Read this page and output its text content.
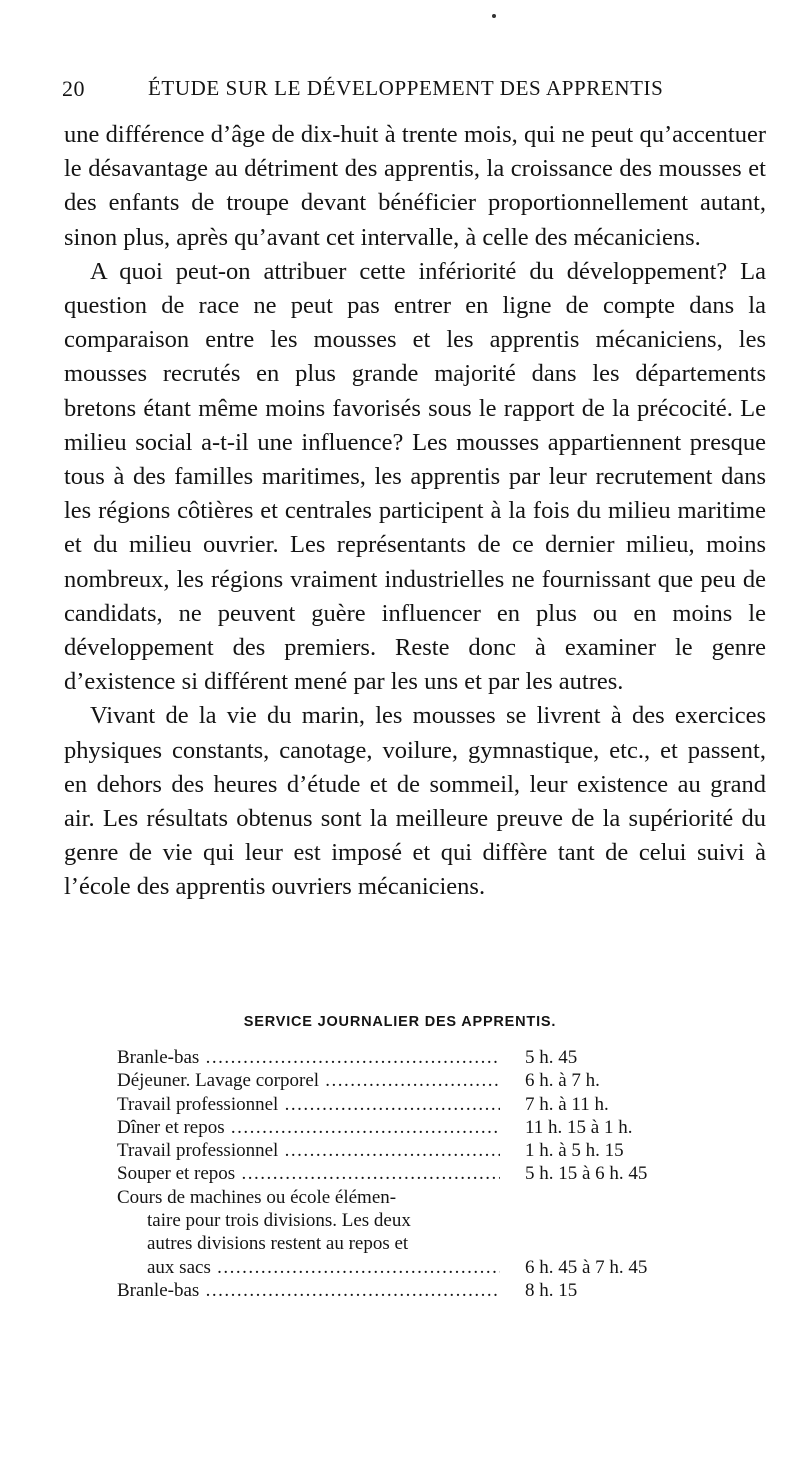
20	ÉTUDE SUR LE DÉVELOPPEMENT DES APPRENTIS

une différence d’âge de dix-huit à trente mois, qui ne peut qu’accentuer le désavantage au détriment des apprentis, la croissance des mousses et des enfants de troupe devant bénéficier proportionnellement autant, sinon plus, après qu’avant cet intervalle, à celle des mécaniciens.

A quoi peut-on attribuer cette infériorité du développement? La question de race ne peut pas entrer en ligne de compte dans la comparaison entre les mousses et les apprentis mécaniciens, les mousses recrutés en plus grande majorité dans les départements bretons étant même moins favorisés sous le rapport de la précocité. Le milieu social a-t-il une influence? Les mousses appartiennent presque tous à des familles maritimes, les apprentis par leur recrutement dans les régions côtières et centrales participent à la fois du milieu maritime et du milieu ouvrier. Les représentants de ce dernier milieu, moins nombreux, les régions vraiment industrielles ne fournissant que peu de candidats, ne peuvent guère influencer en plus ou en moins le développement des premiers. Reste donc à examiner le genre d’existence si différent mené par les uns et par les autres.

Vivant de la vie du marin, les mousses se livrent à des exercices physiques constants, canotage, voilure, gymnastique, etc., et passent, en dehors des heures d’étude et de sommeil, leur existence au grand air. Les résultats obtenus sont la meilleure preuve de la supériorité du genre de vie qui leur est imposé et qui diffère tant de celui suivi à l’école des apprentis ouvriers mécaniciens.

SERVICE JOURNALIER DES APPRENTIS.
Branle-bas .....	5 h. 45
Déjeuner. Lavage corporel .....	6 h. à 7 h.
Travail professionnel .....	7 h. à 11 h.
Dîner et repos .....	11 h. 15 à 1 h.
Travail professionnel .....	1 h. à 5 h. 15
Souper et repos .....	5 h. 15 à 6 h. 45
Cours de machines ou école élémen-
taire pour trois divisions. Les deux
autres divisions restent au repos et
aux sacs .....	6 h. 45 à 7 h. 45
Branle-bas .....	8 h. 15
